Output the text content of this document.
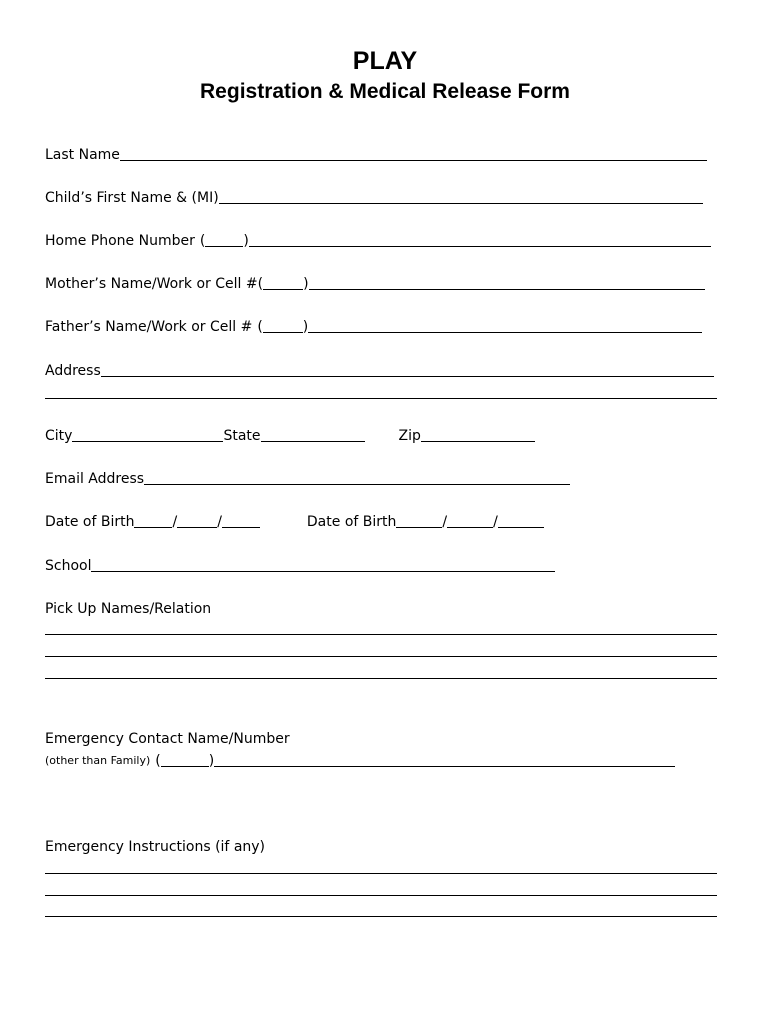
PLAY
Registration & Medical Release Form
Last Name
Child’s First Name & (MI)
Home Phone Number (	)
Mother’s Name/Work or Cell # (	)
Father’s Name/Work or Cell # (	)
Address
City	State	Zip
Email Address
Date of Birth	/	/	Date of Birth	/	/
School
Pick Up Names/Relation
Emergency Contact Name/Number
(other than Family) (	)
Emergency Instructions (if any)
